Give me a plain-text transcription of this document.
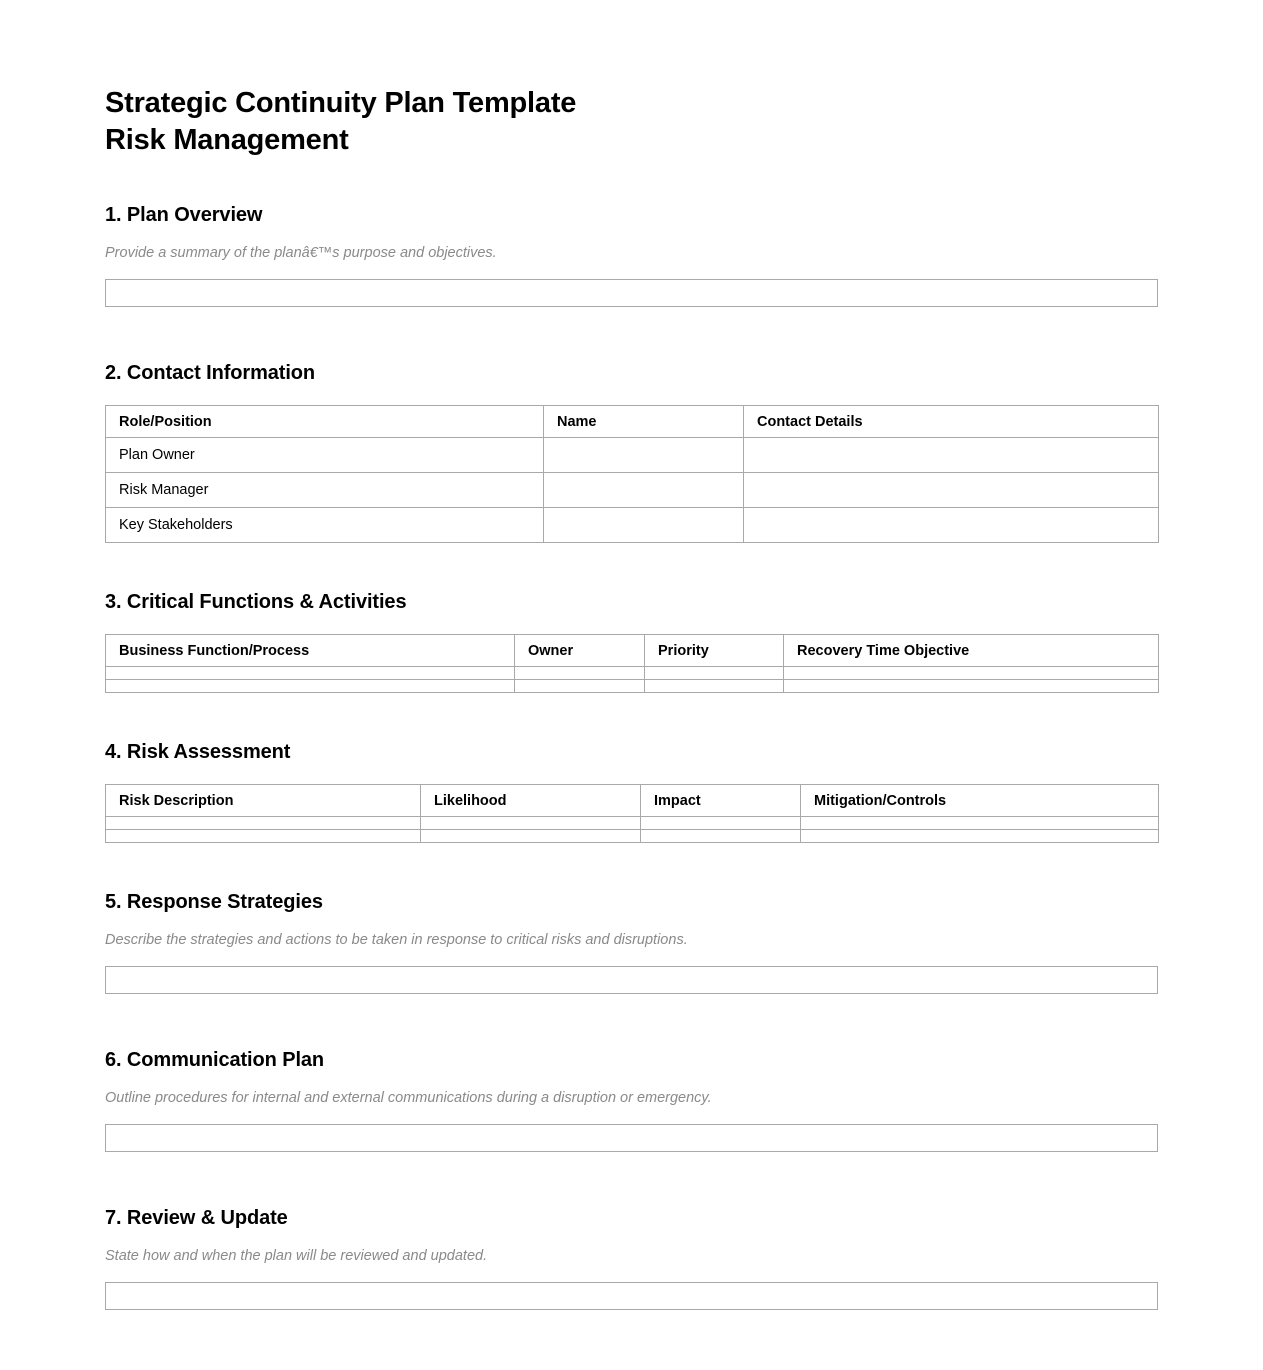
Strategic Continuity Plan Template
Risk Management
1. Plan Overview

Provide a summary of the planâ€™s purpose and objectives.

2. Contact Information
Role/Position	Name	Contact Details
Plan Owner		
Risk Manager		
Key Stakeholders		
3. Critical Functions & Activities
Business Function/Process	Owner	Priority	Recovery Time Objective

4. Risk Assessment
Risk Description	Likelihood	Impact	Mitigation/Controls

5. Response Strategies

Describe the strategies and actions to be taken in response to critical risks and disruptions.

6. Communication Plan

Outline procedures for internal and external communications during a disruption or emergency.

7. Review & Update

State how and when the plan will be reviewed and updated.
